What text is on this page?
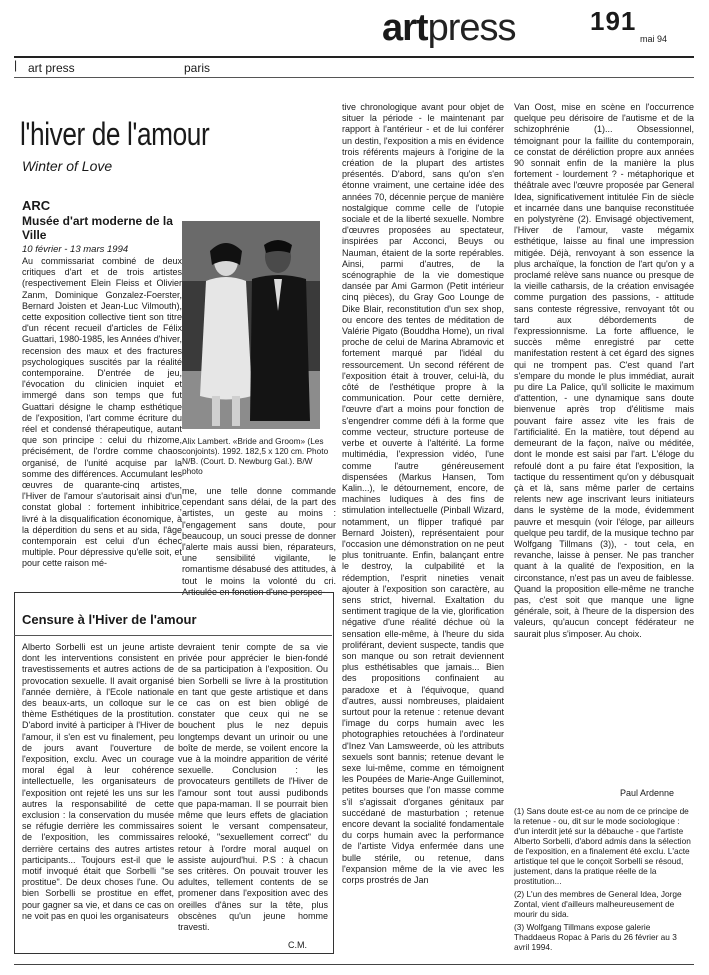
artpress	191
mai 94
| art press	paris
l'hiver de l'amour
Winter of Love
ARC
Musée d'art moderne de la Ville
10 février - 13 mars 1994

Au commissariat combiné de deux critiques d'art et de trois artistes (respectivement Elein Fleiss et Olivier Zanm, Dominique Gonzalez-Foerster, Bernard Joisten et Jean-Luc Vilmouth), cette exposition collective tient son titre d'un récent recueil d'articles de Félix Guattari, 1980-1985, les Années d'hiver, recension des maux et des fractures psychologiques suscités par la réalité contemporaine. D'entrée de jeu, l'évocation du clinicien inquiet et immergé dans son temps que fut Guattari désigne le champ esthétique de l'exposition, l'art comme écriture du réel et condensé thérapeutique, autant que son principe : celui du rhizome, précisément, de l'ordre comme chaos organisé, de l'unité acquise par la somme des différences. Accumulant les œuvres de quarante-cinq artistes, l'Hiver de l'amour s'autorisait ainsi d'un constat global : fortement inhibitrice, livré à la disqualification économique, à la déperdition du sens et au sida, l'âge contemporain est celui d'un échec multiple. Pour dépressive qu'elle soit, et pour cette raison mé-

Alix Lambert. «Bride and Groom» (Les conjoints). 1992. 182,5 x 120 cm. Photo N/B. (Court. D. Newburg Gal.). B/W photo

me, une telle donne commande cependant sans délai, de la part des artistes, un geste au moins : l'engagement sans doute, pour beaucoup, un souci presse de donner l'alerte mais aussi bien, réparateurs, une sensibilité vigilante, le romantisme désabusé des attitudes, à tout le moins la volonté du cri. Articulée en fonction d'une perspec-

tive chronologique avant pour objet de situer la période - le maintenant par rapport à l'antérieur - et de lui conférer un destin, l'exposition a mis en évidence trois référents majeurs à l'origine de la création de la plupart des artistes présentés. D'abord, sans qu'on s'en étonne vraiment, une certaine idée des années 70, décennie perçue de manière nostalgique comme celle de l'utopie sociale et de la liberté sexuelle. Nombre d'œuvres proposées au spectateur, inspirées par Acconci, Beuys ou Nauman, étaient de la sorte repérables. Ainsi, parmi d'autres, de la scénographie de la vie domestique dansée par Ami Garmon (Petit intérieur cinq pièces), du Gray Goo Lounge de Dike Blair, reconstitution d'un sex shop, ou encore des tentes de méditation de Valérie Pigato (Bouddha Home), un rival proche de celui de Marina Abramovic et fortement marqué par l'idéal du ressourcement. Un second référent de l'exposition était à trouver, celui-là, du côté de l'esthétique propre à la communication. Pour cette dernière, l'œuvre d'art a moins pour fonction de s'engendrer comme défi à la forme que comme vecteur, structure porteuse de verbe et ouverte à l'altérité. La forme multimédia, l'expression vidéo, l'une comme l'autre généreusement dispensées (Markus Hansen, Tom Kalin...), le détournement, encore, de machines ludiques à des fins de stimulation intellectuelle (Pinball Wizard, notamment, un flipper trafiqué par Bernard Joisten), représentaient pour l'occasion une démonstration on ne peut plus tonitruante. Enfin, balançant entre le destroy, la culpabilité et la rédemption, l'esprit nineties venait ajouter à l'exposition son caractère, au sens strict, hivernal. Exaltation du sentiment tragique de la vie, glorification négative d'une réalité déchue où la sensation elle-même, à l'heure du sida proliférant, devient suspecte, tandis que son manque ou son retrait deviennent plus esthétisables que jamais... Bien des propositions confinaient au paradoxe et à l'équivoque, quand d'autres, aussi nombreuses, plaidaient surtout pour la retenue : retenue devant l'image du corps humain avec les photographies retouchées à l'ordinateur d'Inez Van Lamsweerde, où les attributs sexuels sont bannis; retenue devant le sexe lui-même, comme en témoignent les Poupées de Marie-Ange Guilleminot, petites bourses que l'on masse comme s'il s'agissait d'organes génitaux par succédané de masturbation ; retenue encore devant la socialité fondamentale du corps humain avec la performance de l'artiste Vidya enfermée dans une bulle stérile, ou retenue, dans l'expansion même de la vie avec les corps prostrés de Jan

Van Oost, mise en scène en l'occurrence quelque peu dérisoire de l'autisme et de la schizophrénie (1)... Obsessionnel, témoignant pour la faillite du contemporain, ce constat de déréliction propre aux années 90 sonnait enfin de la manière la plus fortement - lourdement ? - métaphorique et théâtrale avec l'œuvre proposée par General Idea, significativement intitulée Fin de siècle et incarnée dans une banquise reconstituée en polystyrène (2). Envisagé objectivement, l'Hiver de l'amour, vaste mégamix esthétique, laisse au final une impression mitigée. Déjà, renvoyant à son essence la plus archaïque, la fonction de l'art qu'on y a proclamé relève sans nuance ou presque de la vieille catharsis, de la création envisagée comme purgation des passions, - attitude sans conteste régressive, renvoyant tôt ou tard aux débordements de l'expressionnisme. La forte affluence, le succès même enregistré par cette manifestation restent à cet égard des signes qui ne trompent pas. C'est quand l'art s'empare du monde le plus immédiat, aurait pu dire La Palice, qu'il sollicite le maximum d'attention, - une dynamique sans doute bienvenue après trop d'élitisme mais pouvant faire assez vite les frais de l'artificialité. En la matière, tout dépend au demeurant de la façon, naïve ou méditée, dont le monde est saisi par l'art. L'éloge du refoulé dont a pu faire état l'exposition, la tactique du ressentiment qu'on y débusquait çà et là, sans même parler de certains relents new age inscrivant leurs initiateurs dans le système de la mode, évidemment pauvre et mesquin (voir l'éloge, par ailleurs quelque peu tardif, de la musique techno par Wolfgang Tillmans (3)), - tout cela, en revanche, laisse à penser. Ne pas trancher quant à la qualité de l'exposition, en la circonstance, n'est pas un aveu de faiblesse. Quand la proposition elle-même ne tranche pas, c'est soit que manque une ligne générale, soit, à l'heure de la dispersion des valeurs, qu'aucun concept fédérateur ne saurait plus s'imposer. Au choix.

Paul Ardenne

(1) Sans doute est-ce au nom de ce principe de la retenue - ou, dit sur le mode sociologique : d'un interdit jeté sur la débauche - que l'artiste Alberto Sorbelli, d'abord admis dans la sélection de l'exposition, en a finalement été exclu. L'acte artistique tel que le conçoit Sorbelli se résoud, justement, dans la pratique réelle de la prostitution...

(2) L'un des membres de General Idea, Jorge Zontal, vient d'ailleurs malheureusement de mourir du sida.

(3) Wolfgang Tillmans expose galerie Thaddaeus Ropac à Paris du 26 février au 3 avril 1994.

Censure à l'Hiver de l'amour

Alberto Sorbelli est un jeune artiste dont les interventions consistent en travestissements et autres actions de provocation sexuelle. Il avait organisé l'année dernière, à l'Ecole nationale des beaux-arts, un colloque sur le thème Esthétiques de la prostitution. D'abord invité à participer à l'Hiver de l'amour, il s'en est vu finalement, peu de jours avant l'ouverture de l'exposition, exclu. Avec un courage moral égal à leur cohérence intellectuelle, les organisateurs de l'exposition ont rejeté les uns sur les autres la responsabilité de cette exclusion : la conservation du musée se réfugie derrière les commissaires de l'exposition, les commissaires derrière certains des autres artistes participants... Toujours est-il que le motif invoqué était que Sorbelli "se prostitue". De deux choses l'une. Ou bien Sorbelli se prostitue en effet, pour gagner sa vie, et dans ce cas on ne voit pas en quoi les organisateurs

devraient tenir compte de sa vie privée pour apprécier le bien-fondé de sa participation à l'exposition. Ou bien Sorbelli se livre à la prostitution en tant que geste artistique et dans ce cas on est bien obligé de constater que ceux qui ne se bouchent plus le nez depuis longtemps devant un urinoir ou une boîte de merde, se voilent encore la vue à la moindre apparition de vérité sexuelle. Conclusion : les provocateurs gentillets de l'Hiver de l'amour sont tout aussi pudibonds que papa-maman. Il se pourrait bien même que leurs effets de glaciation soient le versant compensateur, relooké, "sexuellement correct" du retour à l'ordre moral auquel on assiste aujourd'hui. P.S : à chacun ses critères. On pouvait trouver les adultes, tellement contents de se promener dans l'exposition avec des oreilles d'ânes sur la tête, plus obscènes qu'un jeune homme travesti.

C.M.
